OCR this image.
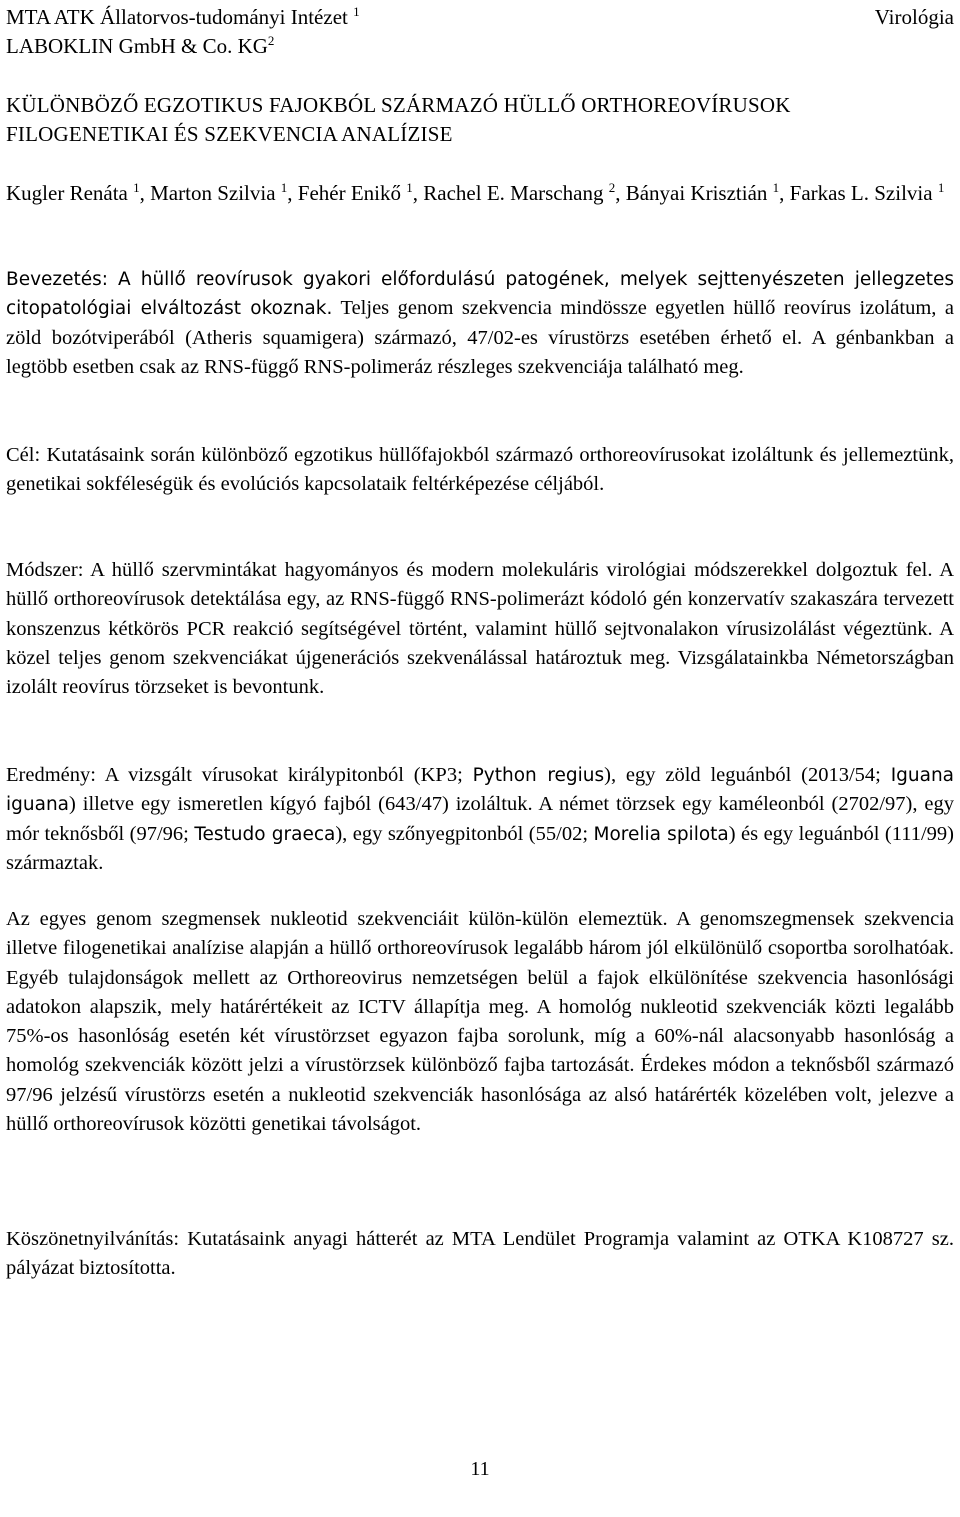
MTA ATK Állatorvos-tudományi Intézet $^1$
LABOKLIN GmbH & Co. $KG^2$
Virológia
KÜLÖNBÖZŐ EGZOTIKUS FAJOKBÓL SZÁRMAZÓ HÜLLŐ ORTHOREOVÍRUSOK
FILOGENETIKAI ÉS SZEKVENCIA ANALÍZISE
Kugler Renáta $^1$, Marton Szilvia $^1$, Fehér Enikő $^1$, Rachel E. Marschang $^2$, Bányai Krisztián $^1$, Farkas L. Szilvia $^1$

Bevezetés: A hüllő reovírusok gyakori előfordulású patogének, melyek sejttenyészeten jellegzetes citopatológiai elváltozást okoznak. Teljes genom szekvencia mindössze egyetlen hüllő reovírus izolátum, a zöld bozótviperából (Atheris squamigera) származó, 47/02-es vírustörzs esetében érhető el. A génbankban a legtöbb esetben csak az RNS-függő RNS-polimeráz részleges szekvenciája található meg.

Cél: Kutatásaink során különböző egzotikus hüllőfajokból származó orthoreovírusokat izoláltunk és jellemeztünk, genetikai sokféleségük és evolúciós kapcsolataik feltérképezése céljából.

Módszer: A hüllő szervmintákat hagyományos és modern molekuláris virológiai módszerekkel dolgoztuk fel. A hüllő orthoreovírusok detektálása egy, az RNS-függő RNS-polimerázt kódoló gén konzervatív szakaszára tervezett konszenzus kétkörös PCR reakció segítségével történt, valamint hüllő sejtvonalakon vírusizolálást végeztünk. A közel teljes genom szekvenciákat újgenerációs szekvenálással határoztuk meg. Vizsgálatainkba Németországban izolált reovírus törzseket is bevontunk.

Eredmény: A vizsgált vírusokat királypitonból (KP3; Python regius), egy zöld leguánból (2013/54; Iguana iguana) illetve egy ismeretlen kígyó fajból (643/47) izoláltuk. A német törzsek egy kaméleonból (2702/97), egy mór teknősből (97/96; Testudo graeca), egy szőnyegpitonból (55/02; Morelia spilota) és egy leguánból (111/99) származtak.

Az egyes genom szegmensek nukleotid szekvenciáit külön-külön elemeztük. A genomszegmensek szekvencia illetve filogenetikai analízise alapján a hüllő orthoreovírusok legalább három jól elkülönülő csoportba sorolhatóak. Egyéb tulajdonságok mellett az Orthoreovirus nemzetségen belül a fajok elkülönítése szekvencia hasonlósági adatokon alapszik, mely határértékeit az ICTV állapítja meg. A homológ nukleotid szekvenciák közti legalább 75%-os hasonlóság esetén két vírustörzset egyazon fajba sorolunk, míg a 60%-nál alacsonyabb hasonlóság a homológ szekvenciák között jelzi a vírustörzsek különböző fajba tartozását. Érdekes módon a teknősből származó 97/96 jelzésű vírustörzs esetén a nukleotid szekvenciák hasonlósága az alsó határérték közelében volt, jelezve a hüllő orthoreovírusok közötti genetikai távolságot.

Köszönetnyilvánítás: Kutatásaink anyagi hátterét az MTA Lendület Programja valamint az OTKA K108727 sz. pályázat biztosította.

11
